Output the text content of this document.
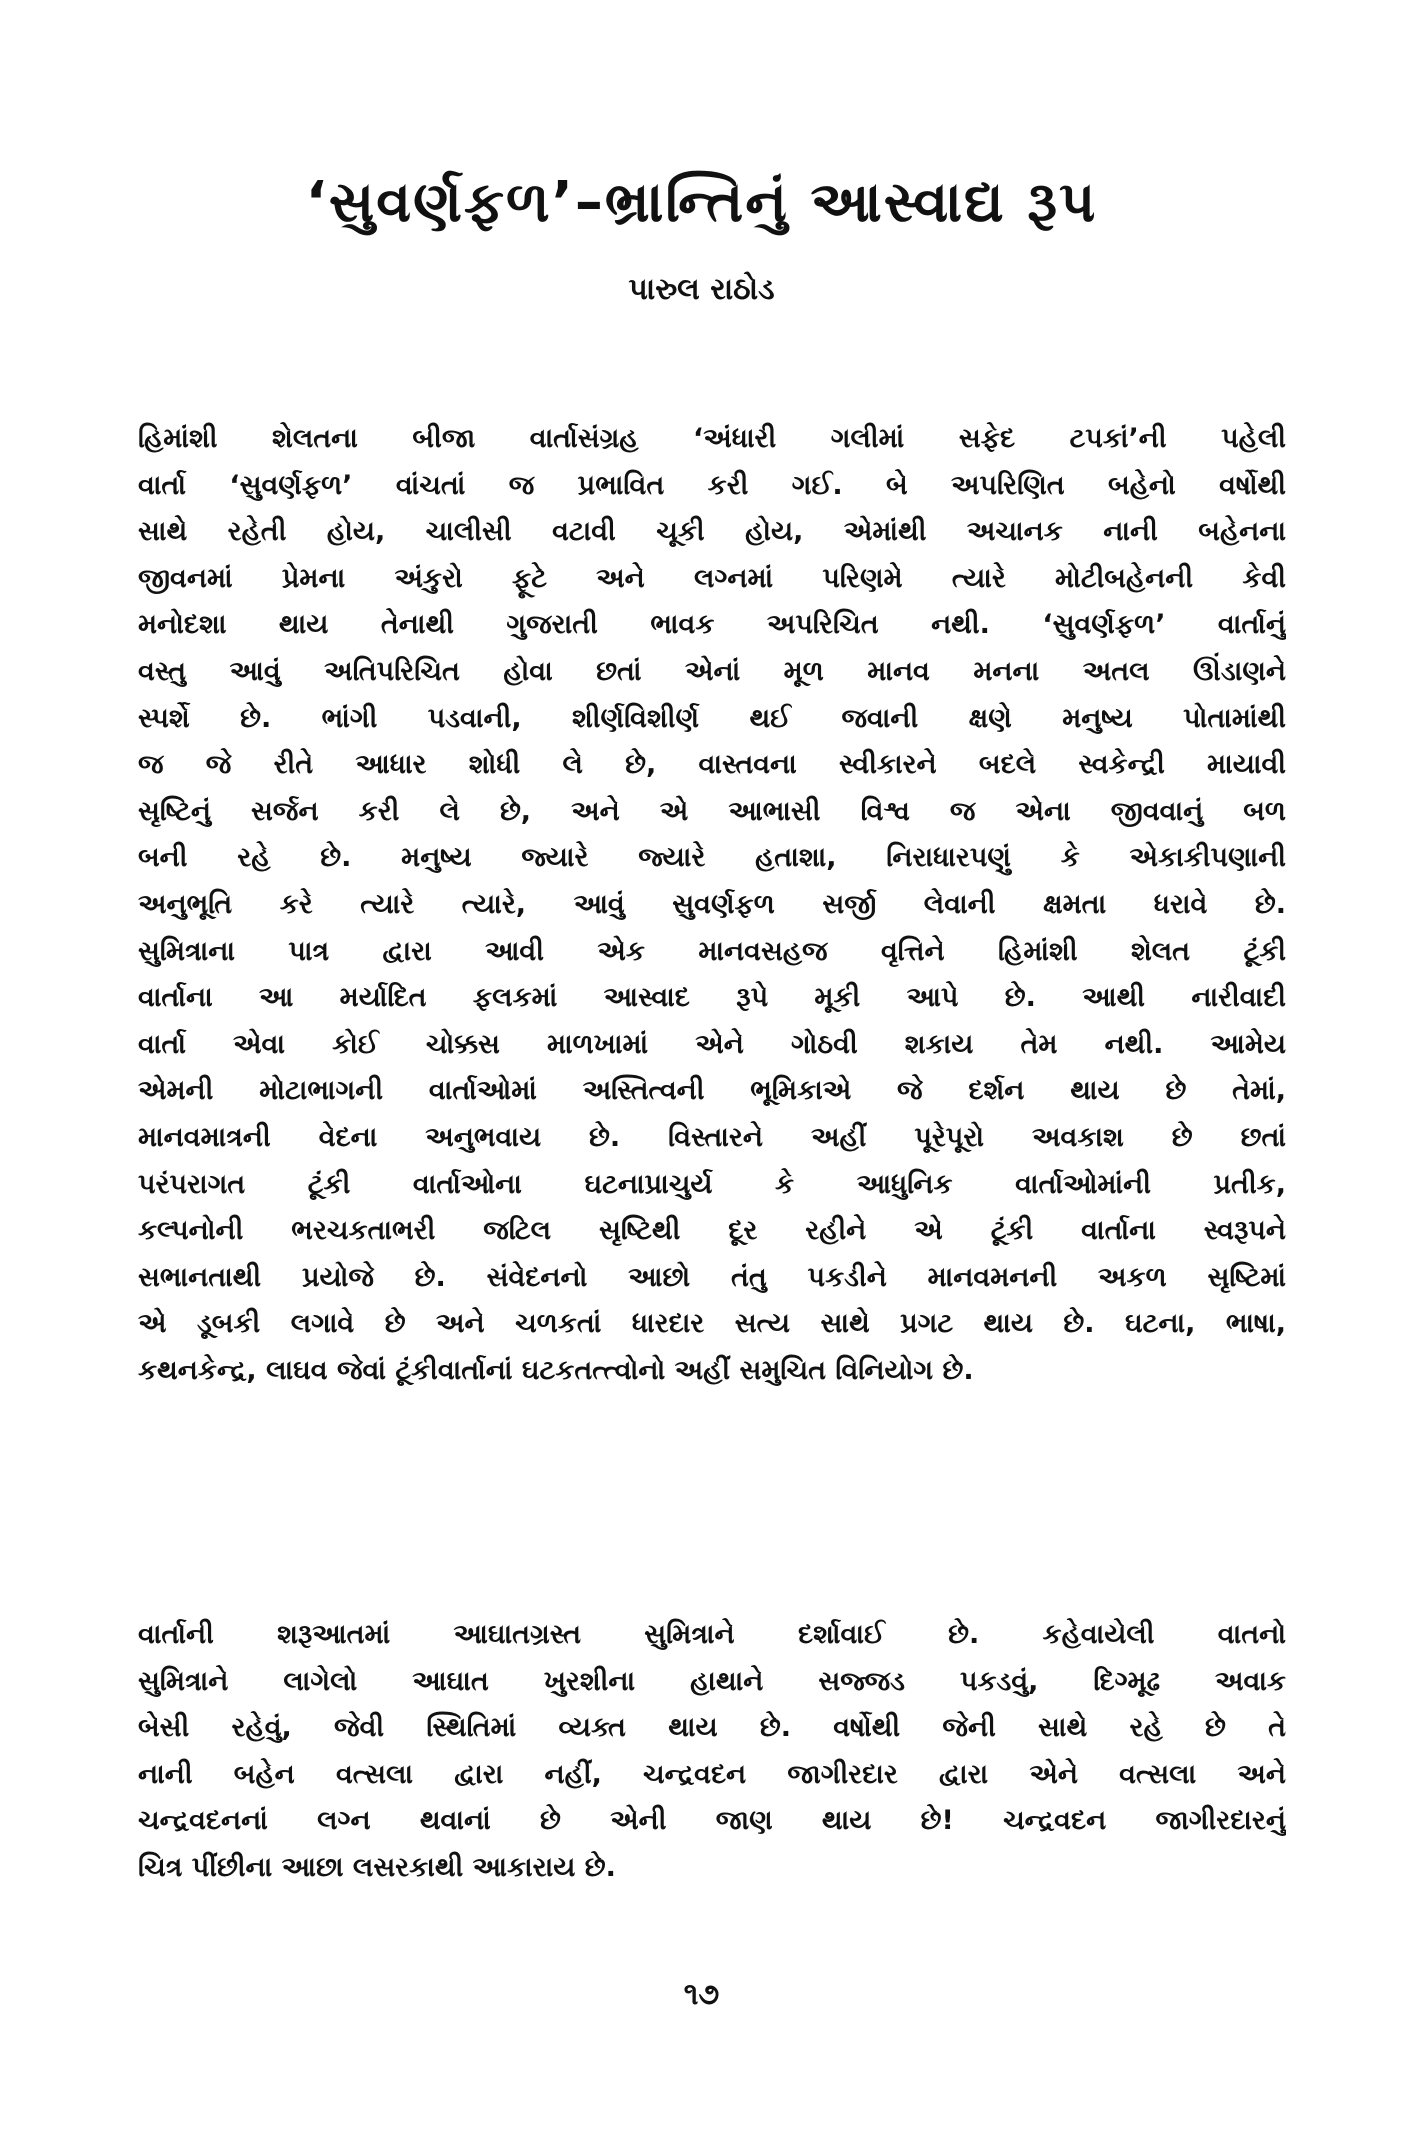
‘સુવર્ણફળ’–ભ્રાન્તિનું આસ્વાદ્ય રૂપ
પારુલ રાઠોડ
હિમાંશી શેલતના બીજા વાર્તાસંગ્રહ ‘અંધારી ગલીમાં સફેદ ટપકાં’ની પહેલી
વાર્તા ‘સુવર્ણફળ’ વાંચતાં જ પ્રભાવિત કરી ગઈ. બે અપરિણિત બહેનો વર્ષોથી
સાથે રહેતી હોય, ચાલીસી વટાવી ચૂકી હોય, એમાંથી અચાનક નાની બહેનના
જીવનમાં પ્રેમના અંકુરો ફૂટે અને લગ્નમાં પરિણમે ત્યારે મોટીબહેનની કેવી
મનોદશા થાય તેનાથી ગુજરાતી ભાવક અપરિચિત નથી. ‘સુવર્ણફળ’ વાર્તાનું
વસ્તુ આવું અતિપરિચિત હોવા છતાં એનાં મૂળ માનવ મનના અતલ ઊંડાણને
સ્પર્શે છે. ભાંગી પડવાની, શીર્ણવિશીર્ણ થઈ જવાની ક્ષણે મનુષ્ય પોતામાંથી
જ જે રીતે આધાર શોધી લે છે, વાસ્તવના સ્વીકારને બદલે સ્વકેન્દ્રી માયાવી
સૃષ્ટિનું સર્જન કરી લે છે, અને એ આભાસી વિશ્વ જ એના જીવવાનું બળ
બની રહે છે. મનુષ્ય જ્યારે જ્યારે હતાશા, નિરાધારપણું કે એકાકીપણાની
અનુભૂતિ કરે ત્યારે ત્યારે, આવું સુવર્ણફળ સર્જી લેવાની ક્ષમતા ધરાવે છે.
સુમિત્રાના પાત્ર દ્વારા આવી એક માનવસહજ વૃત્તિને હિમાંશી શેલત ટૂંકી
વાર્તાના આ મર્યાદિત ફલકમાં આસ્વાદ રૂપે મૂકી આપે છે. આથી નારીવાદી
વાર્તા એવા કોઈ ચોક્કસ માળખામાં એને ગોઠવી શકાય તેમ નથી. આમેય
એમની મોટાભાગની વાર્તાઓમાં અસ્તિત્વની ભૂમિકાએ જે દર્શન થાય છે તેમાં,
માનવમાત્રની વેદના અનુભવાય છે. વિસ્તારને અહીં પૂરેપૂરો અવકાશ છે છતાં
પરંપરાગત ટૂંકી વાર્તાઓના ઘટનાપ્રાચુર્ય કે આધુનિક વાર્તાઓમાંની પ્રતીક,
કલ્પનોની ભરચકતાભરી જટિલ સૃષ્ટિથી દૂર રહીને એ ટૂંકી વાર્તાના સ્વરૂપને
સભાનતાથી પ્રયોજે છે. સંવેદનનો આછો તંતુ પકડીને માનવમનની અકળ સૃષ્ટિમાં
એ ડૂબકી લગાવે છે અને ચળકતાં ધારદાર સત્ય સાથે પ્રગટ થાય છે. ઘટના, ભાષા,
કથનકેન્દ્ર, લાઘવ જેવાં ટૂંકીવાર્તાનાં ઘટકતત્ત્વોનો અહીં સમુચિત વિનિયોગ છે.
વાર્તાની શરૂઆતમાં આઘાતગ્રસ્ત સુમિત્રાને દર્શાવાઈ છે. કહેવાયેલી વાતનો
સુમિત્રાને લાગેલો આઘાત ખુરશીના હાથાને સજ્જડ પકડવું, દિગ્મૂઢ અવાક
બેસી રહેવું, જેવી સ્થિતિમાં વ્યક્ત થાય છે. વર્ષોથી જેની સાથે રહે છે તે
નાની બહેન વત્સલા દ્વારા નહીં, ચન્દ્રવદન જાગીરદાર દ્વારા એને વત્સલા અને
ચન્દ્રવદનનાં લગ્ન થવાનાં છે એની જાણ થાય છે! ચન્દ્રવદન જાગીરદારનું
ચિત્ર પીંછીના આછા લસરકાથી આકારાય છે.
૧૭
